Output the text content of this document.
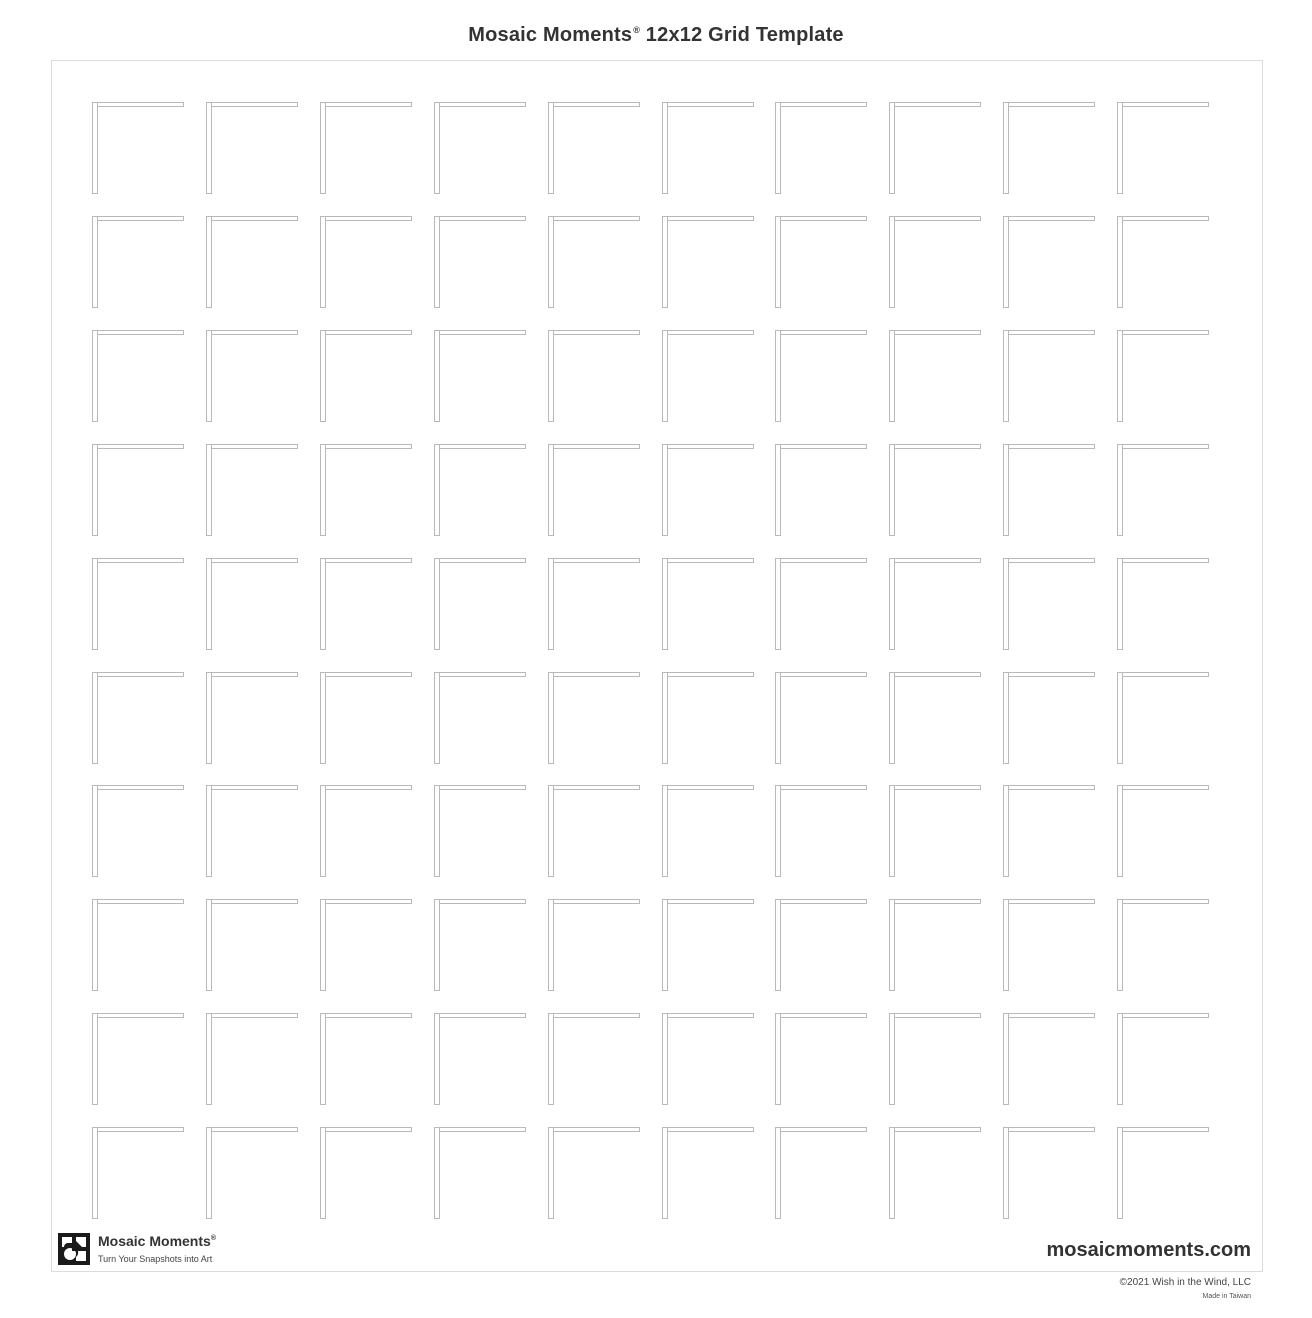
Mosaic Moments® 12x12 Grid Template
Mosaic Moments®
Turn Your Snapshots into Art	mosaicmoments.com
©2021 Wish in the Wind, LLC
Made in Taiwan
